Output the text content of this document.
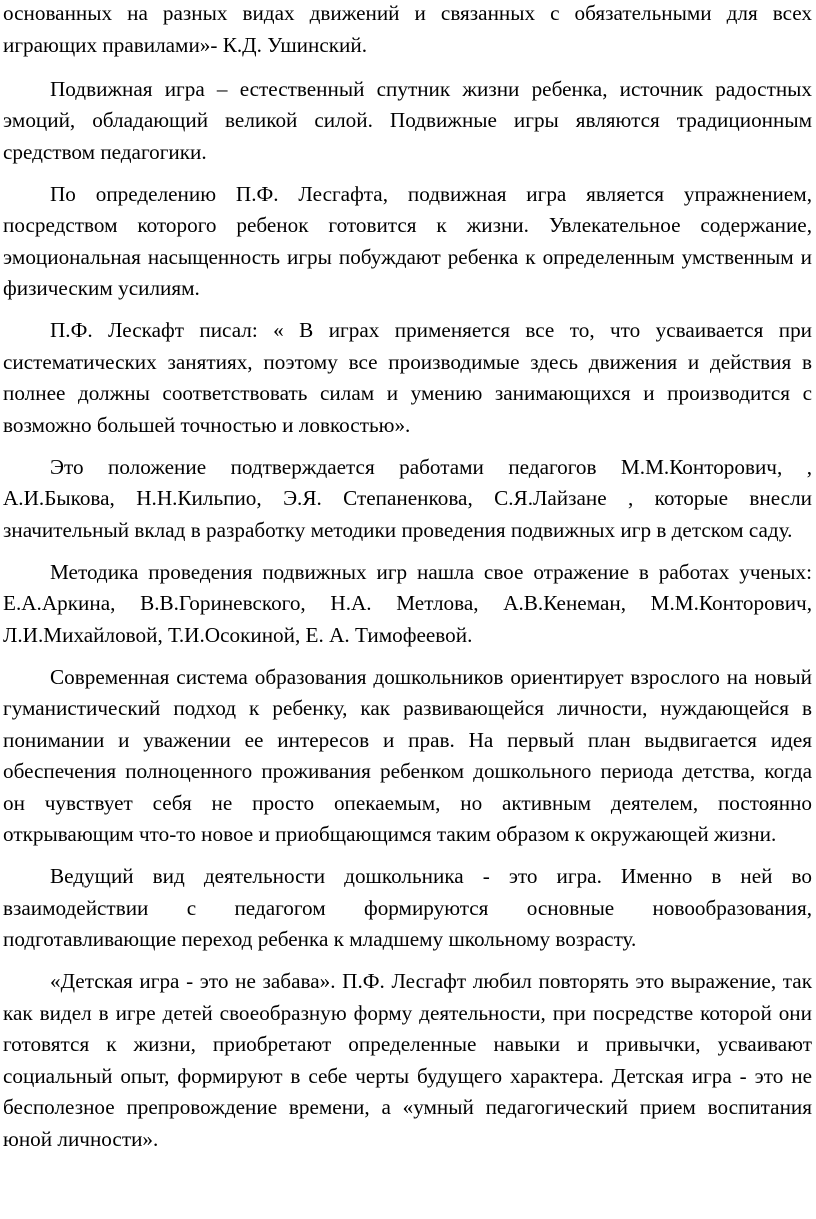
основанных на разных видах движений и связанных с обязательными для всех играющих правилами»- К.Д. Ушинский.

Подвижная игра – естественный спутник жизни ребенка, источник радостных эмоций, обладающий великой силой. Подвижные игры являются традиционным средством педагогики.

По определению П.Ф. Лесгафта, подвижная игра является упражнением, посредством которого ребенок готовится к жизни. Увлекательное содержание, эмоциональная насыщенность игры побуждают ребенка к определенным умственным и физическим усилиям.

П.Ф. Лескафт писал: « В играх применяется все то, что усваивается при систематических занятиях, поэтому все производимые здесь движения и действия в полнее должны соответствовать силам и умению занимающихся и производится с возможно большей точностью и ловкостью».

Это положение подтверждается работами педагогов М.М.Конторович, , А.И.Быкова, Н.Н.Кильпио, Э.Я. Степаненкова, С.Я.Лайзане , которые внесли значительный вклад в разработку методики проведения подвижных игр в детском саду.

Методика проведения подвижных игр нашла свое отражение в работах ученых: Е.А.Аркина, В.В.Гориневского, Н.А. Метлова, А.В.Кенеман, М.М.Конторович, Л.И.Михайловой, Т.И.Осокиной, Е. А. Тимофеевой.

Современная система образования дошкольников ориентирует взрослого на новый гуманистический подход к ребенку, как развивающейся личности, нуждающейся в понимании и уважении ее интересов и прав. На первый план выдвигается идея обеспечения полноценного проживания ребенком дошкольного периода детства, когда он чувствует себя не просто опекаемым, но активным деятелем, постоянно открывающим что-то новое и приобщающимся таким образом к окружающей жизни.

Ведущий вид деятельности дошкольника - это игра. Именно в ней во взаимодействии с педагогом формируются основные новообразования, подготавливающие переход ребенка к младшему школьному возрасту.

«Детская игра - это не забава». П.Ф. Лесгафт любил повторять это выражение, так как видел в игре детей своеобразную форму деятельности, при посредстве которой они готовятся к жизни, приобретают определенные навыки и привычки, усваивают социальный опыт, формируют в себе черты будущего характера. Детская игра - это не бесполезное препровождение времени, а «умный педагогический прием воспитания юной личности».
